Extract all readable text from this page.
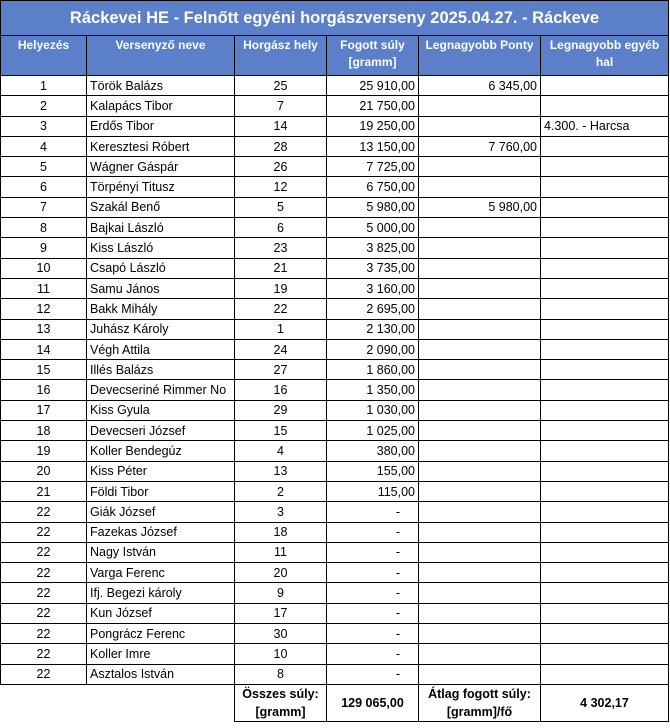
Ráckevei HE - Felnőtt egyéni horgászverseny 2025.04.27. - Ráckeve					
Helyezés	Versenyző neve	Horgász hely	Fogott súly [gramm]	Legnagyobb Ponty	Legnagyobb egyéb hal
1	Török Balázs	25	25 910,00	6 345,00	
2	Kalapács Tibor	7	21 750,00		
3	Erdős Tibor	14	19 250,00		4.300. - Harcsa
4	Keresztesi Róbert	28	13 150,00	7 760,00	
5	Wágner Gáspár	26	7 725,00		
6	Törpényi Titusz	12	6 750,00		
7	Szakál Benő	5	5 980,00	5 980,00	
8	Bajkai László	6	5 000,00		
9	Kiss László	23	3 825,00		
10	Csapó László	21	3 735,00		
11	Samu János	19	3 160,00		
12	Bakk Mihály	22	2 695,00		
13	Juhász Károly	1	2 130,00		
14	Végh Attila	24	2 090,00		
15	Illés Balázs	27	1 860,00		
16	Devecseriné Rimmer No	16	1 350,00		
17	Kiss Gyula	29	1 030,00		
18	Devecseri József	15	1 025,00		
19	Koller Bendegúz	4	380,00		
20	Kiss Péter	13	155,00		
21	Földi Tibor	2	115,00		
22	Giák József	3	-		
22	Fazekas József	18	-		
22	Nagy István	11	-		
22	Varga Ferenc	20	-		
22	Ifj. Begezi károly	9	-		
22	Kun József	17	-		
22	Pongrácz Ferenc	30	-		
22	Koller Imre	10	-		
22	Asztalos István	8	-		
		Összes súly: [gramm]	129 065,00	Átlag fogott súly: [gramm]/fő	4 302,17
